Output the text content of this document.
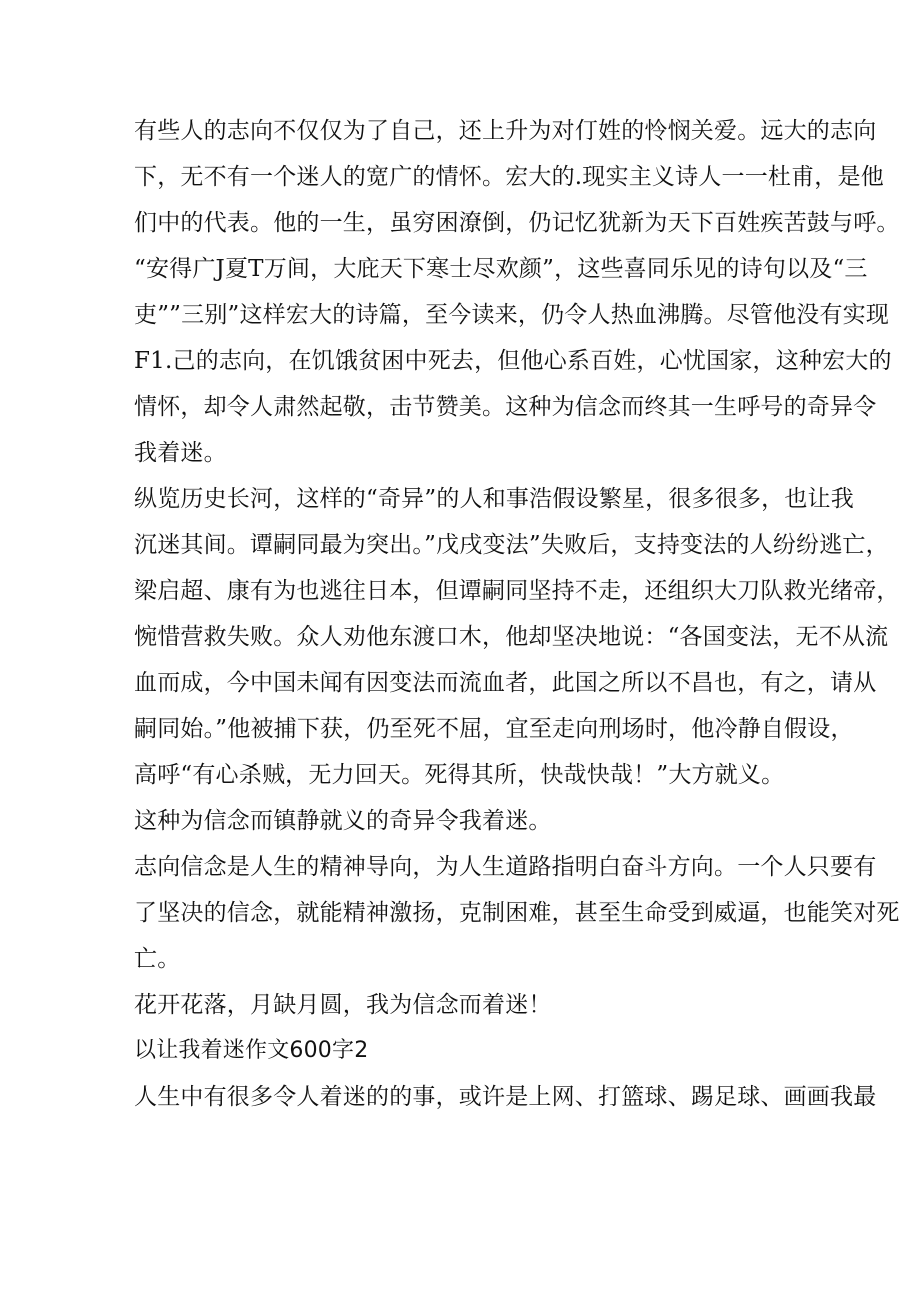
有些人的志向不仅仅为了自己，还上升为对仃姓的怜悯关爱。远大的志向
下，无不有一个迷人的宽广的情怀。宏大的.现实主义诗人一一杜甫，是他
们中的代表。他的一生，虽穷困潦倒，仍记忆犹新为天下百姓疾苦鼓与呼。
“安得广J夏T万间，大庇天下寒士尽欢颜”，这些喜同乐见的诗句以及“三
吏””三别”这样宏大的诗篇，至今读来，仍令人热血沸腾。尽管他没有实现
F1.己的志向，在饥饿贫困中死去，但他心系百姓，心忧国家，这种宏大的
情怀，却令人肃然起敬，击节赞美。这种为信念而终其一生呼号的奇异令
我着迷。
纵览历史长河，这样的“奇异”的人和事浩假设繁星，很多很多，也让我
沉迷其间。谭嗣同最为突出。”戊戌变法”失败后，支持变法的人纷纷逃亡，
梁启超、康有为也逃往日本，但谭嗣同坚持不走，还组织大刀队救光绪帝，
惋惜营救失败。众人劝他东渡口木，他却坚决地说：“各国变法，无不从流
血而成，今中国未闻有因变法而流血者，此国之所以不昌也，有之，请从
嗣同始。”他被捕下获，仍至死不屈，宜至走向刑场时，他冷静自假设，
高呼“有心杀贼，无力回天。死得其所，快哉快哉！”大方就义。
这种为信念而镇静就义的奇异令我着迷。
志向信念是人生的精神导向，为人生道路指明白奋斗方向。一个人只要有
了坚决的信念，就能精神激扬，克制困难，甚至生命受到威逼，也能笑对死
亡。
花开花落，月缺月圆，我为信念而着迷！
以让我着迷作文600字2
人生中有很多令人着迷的的事，或许是上网、打篮球、踢足球、画画我最
